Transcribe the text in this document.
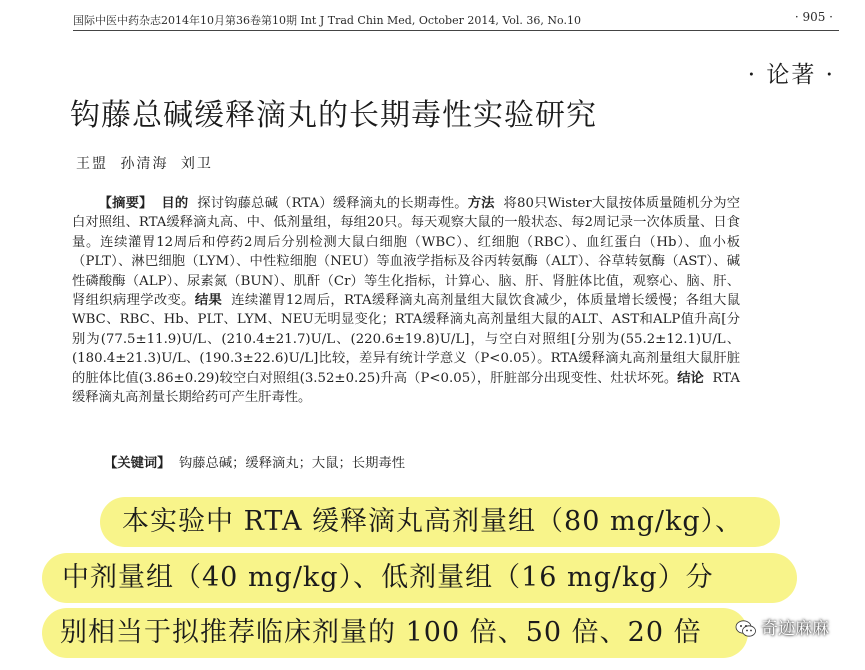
国际中医中药杂志2014年10月第36卷第10期 Int J Trad Chin Med, October 2014, Vol. 36, No.10	· 905 ·
· 论著 ·
钩藤总碱缓释滴丸的长期毒性实验研究
王盟 孙清海 刘卫
【摘要】 目的 探讨钩藤总碱（RTA）缓释滴丸的长期毒性。方法 将80只Wister大鼠按体质量随机分为空白对照组、RTA缓释滴丸高、中、低剂量组，每组20只。每天观察大鼠的一般状态、每2周记录一次体质量、日食量。连续灌胃12周后和停药2周后分别检测大鼠白细胞（WBC）、红细胞（RBC）、血红蛋白（Hb）、血小板（PLT）、淋巴细胞（LYM）、中性粒细胞（NEU）等血液学指标及谷丙转氨酶（ALT）、谷草转氨酶（AST）、碱性磷酸酶（ALP）、尿素氮（BUN）、肌酐（Cr）等生化指标，计算心、脑、肝、肾脏体比值，观察心、脑、肝、肾组织病理学改变。结果 连续灌胃12周后，RTA缓释滴丸高剂量组大鼠饮食减少，体质量增长缓慢；各组大鼠WBC、RBC、Hb、PLT、LYM、NEU无明显变化；RTA缓释滴丸高剂量组大鼠的ALT、AST和ALP值升高[分别为(77.5±11.9)U/L、(210.4±21.7)U/L、(220.6±19.8)U/L]，与空白对照组[分别为(55.2±12.1)U/L、(180.4±21.3)U/L、(190.3±22.6)U/L]比较，差异有统计学意义（P<0.05）。RTA缓释滴丸高剂量组大鼠肝脏的脏体比值(3.86±0.29)较空白对照组(3.52±0.25)升高（P<0.05），肝脏部分出现变性、灶状坏死。结论 RTA缓释滴丸高剂量长期给药可产生肝毒性。
【关键词】 钩藤总碱；缓释滴丸；大鼠；长期毒性
本实验中 RTA 缓释滴丸高剂量组（80 mg/kg）、
中剂量组（40 mg/kg）、低剂量组（16 mg/kg）分
别相当于拟推荐临床剂量的 100 倍、50 倍、20 倍	奇迹麻麻
